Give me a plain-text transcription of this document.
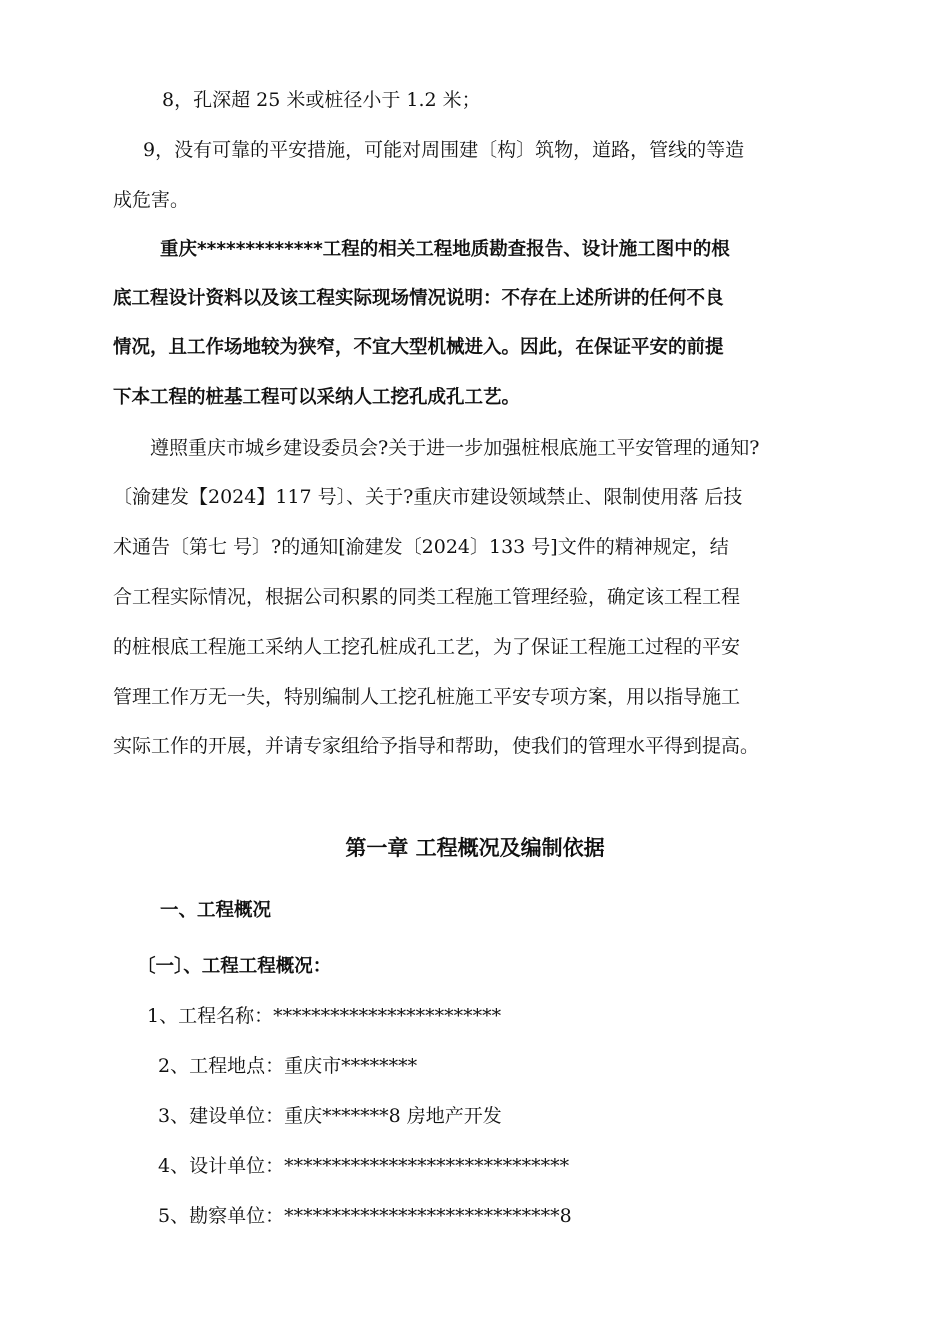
8，孔深超 25 米或桩径小于 1.2 米；
9，没有可靠的平安措施，可能对周围建〔构〕筑物，道路，管线的等造
成危害。
重庆*************工程的相关工程地质勘查报告、设计施工图中的根
底工程设计资料以及该工程实际现场情况说明：不存在上述所讲的任何不良
情况，且工作场地较为狭窄，不宜大型机械进入。因此，在保证平安的前提
下本工程的桩基工程可以采纳人工挖孔成孔工艺。
遵照重庆市城乡建设委员会?关于进一步加强桩根底施工平安管理的通知?
〔渝建发【2024】117 号〕、关于?重庆市建设领域禁止、限制使用落 后技
术通告〔第七 号〕?的通知[渝建发〔2024〕133 号]文件的精神规定，结
合工程实际情况，根据公司积累的同类工程施工管理经验，确定该工程工程
的桩根底工程施工采纳人工挖孔桩成孔工艺，为了保证工程施工过程的平安
管理工作万无一失，特别编制人工挖孔桩施工平安专项方案，用以指导施工
实际工作的开展，并请专家组给予指导和帮助，使我们的管理水平得到提高。
第一章 工程概况及编制依据
一、工程概况
〔一〕、工程工程概况：
1、工程名称：************************
2、工程地点：重庆市********
3、建设单位：重庆*******8 房地产开发
4、设计单位：******************************
5、勘察单位：*****************************8
